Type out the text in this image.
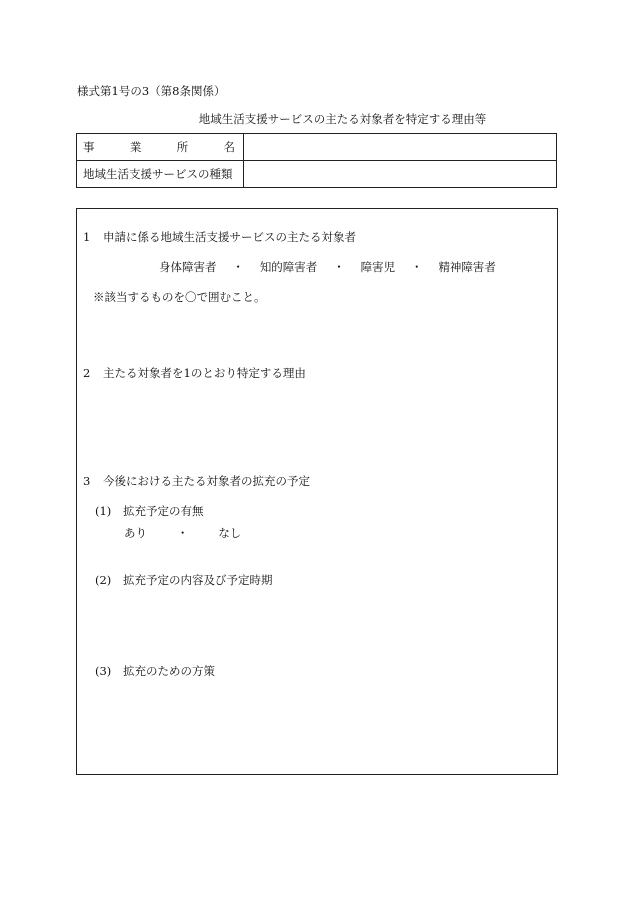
様式第1号の3（第8条関係）
地域生活支援サービスの主たる対象者を特定する理由等
事 業 所 名	

地域生活支援サービスの種類	
1 申請に係る地域生活支援サービスの主たる対象者
身体障害者 ・ 知的障害者 ・ 障害児 ・ 精神障害者
※該当するものを〇で囲むこと。
2 主たる対象者を1のとおり特定する理由
3 今後における主たる対象者の拡充の予定
(1) 拡充予定の有無
あり	・	なし
(2) 拡充予定の内容及び予定時期
(3) 拡充のための方策
